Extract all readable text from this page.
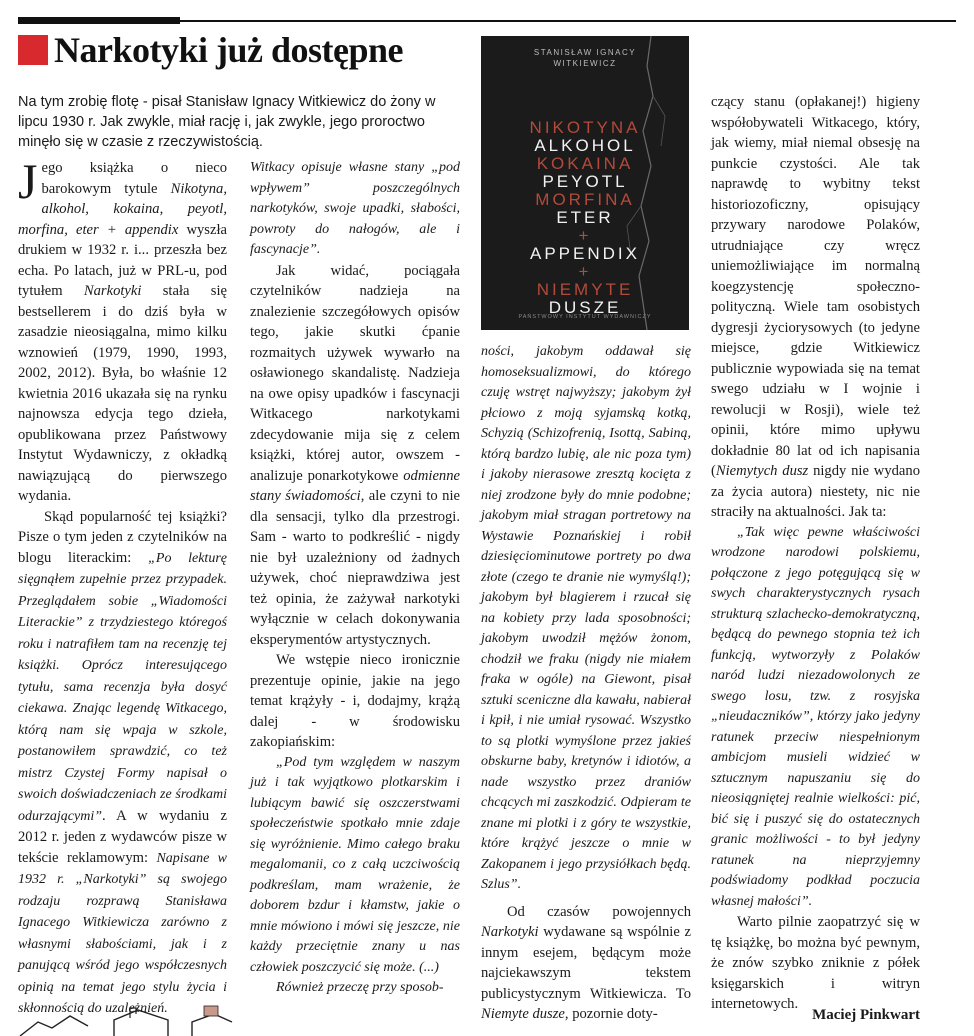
Narkotyki już dostępne

Na tym zrobię flotę - pisał Stanisław Ignacy Witkiewicz do żony w lipcu 1930 r. Jak zwykle, miał rację i, jak zwykle, jego proroctwo minęło się w czasie z rzeczywistością.

Jego książka o nieco barokowym tytule Nikotyna, alkohol, kokaina, peyotl, morfina, eter + appendix wyszła drukiem w 1932 r. i... przeszła bez echa. Po latach, już w PRL-u, pod tytułem Narkotyki stała się bestsellerem i do dziś była w zasadzie nieosiągalna, mimo kilku wznowień (1979, 1990, 1993, 2002, 2012). Była, bo właśnie 12 kwietnia 2016 ukazała się na rynku najnowsza edycja tego dzieła, opublikowana przez Państwowy Instytut Wydawniczy, z okładką nawiązującą do pierwszego wydania.

Skąd popularność tej książki? Pisze o tym jeden z czytelników na blogu literackim: „Po lekturę sięgnąłem zupełnie przez przypadek. Przeglądałem sobie „Wiadomości Literackie” z trzydziestego któregoś roku i natrafiłem tam na recenzję tej książki. Oprócz interesującego tytułu, sama recenzja była dosyć ciekawa. Znając legendę Witkacego, którą nam się wpaja w szkole, postanowiłem sprawdzić, co też mistrz Czystej Formy napisał o swoich doświadczeniach ze środkami odurzającymi”. A w wydaniu z 2012 r. jeden z wydawców pisze w tekście reklamowym: Napisane w 1932 r. „Narkotyki” są swojego rodzaju rozprawą Stanisława Ignacego Witkiewicza zarówno z własnymi słabościami, jak i z panującą wśród jego współczesnych opinią na temat jego stylu życia i skłonnością do uzależnień.

Witkacy opisuje własne stany „pod wpływem” poszczególnych narkotyków, swoje upadki, słabości, powroty do nałogów, ale i fascynacje”.

Jak widać, pociągała czytelników nadzieja na znalezienie szczegółowych opisów tego, jakie skutki ćpanie rozmaitych używek wywarło na osławionego skandalistę. Nadzieja na owe opisy upadków i fascynacji Witkacego narkotykami zdecydowanie mija się z celem książki, której autor, owszem - analizuje ponarkotykowe odmienne stany świadomości, ale czyni to nie dla sensacji, tylko dla przestrogi. Sam - warto to podkreślić - nigdy nie był uzależniony od żadnych używek, choć nieprawdziwa jest też opinia, że zażywał narkotyki wyłącznie w celach dokonywania eksperymentów artystycznych.

We wstępie nieco ironicznie prezentuje opinie, jakie na jego temat krążyły - i, dodajmy, krążą dalej - w środowisku zakopiańskim:

„Pod tym względem w naszym już i tak wyjątkowo plotkarskim i lubiącym bawić się oszczerstwami społeczeństwie spotkało mnie zdaje się wyróżnienie. Mimo całego braku megalomanii, co z całą uczciwością podkreślam, mam wrażenie, że doborem bzdur i kłamstw, jakie o mnie mówiono i mówi się jeszcze, nie każdy przeciętnie znany u nas człowiek poszczycić się może. (...)

Również przeczę przy sposob-

STANISŁAW IGNACY
WITKIEWICZ
NIKOTYNA
ALKOHOL
KOKAINA
PEYOTL
MORFINA
ETER
+
APPENDIX
+
NIEMYTE
DUSZE
PAŃSTWOWY INSTYTUT WYDAWNICZY

ności, jakobym oddawał się homoseksualizmowi, do którego czuję wstręt najwyższy; jakobym żył płciowo z moją syjamską kotką, Schyzią (Schizofrenią, Isottą, Sabiną, którą bardzo lubię, ale nic poza tym) i jakoby nierasowe zresztą kocięta z niej zrodzone były do mnie podobne; jakobym miał stragan portretowy na Wystawie Poznańskiej i robił dziesięciominutowe portrety po dwa złote (czego te dranie nie wymyślą!); jakobym był blagierem i rzucał się na kobiety przy lada sposobności; jakobym uwodził mężów żonom, chodził we fraku (nigdy nie miałem fraka w ogóle) na Giewont, pisał sztuki sceniczne dla kawału, nabierał i kpił, i nie umiał rysować. Wszystko to są plotki wymyślone przez jakieś obskurne baby, kretynów i idiotów, a nade wszystko przez draniów chcących mi zaszkodzić. Odpieram te znane mi plotki i z góry te wszystkie, które krążyć jeszcze o mnie w Zakopanem i jego przysiółkach będą. Szlus”.

Od czasów powojennych Narkotyki wydawane są wspólnie z innym esejem, będącym może najciekawszym tekstem publicystycznym Witkiewicza. To Niemyte dusze, pozornie doty-

czący stanu (opłakanej!) higieny współobywateli Witkacego, który, jak wiemy, miał niemal obsesję na punkcie czystości. Ale tak naprawdę to wybitny tekst historiozoficzny, opisujący przywary narodowe Polaków, utrudniające czy wręcz uniemożliwiające im normalną koegzystencję społeczno-polityczną. Wiele tam osobistych dygresji życiorysowych (to jedyne miejsce, gdzie Witkiewicz publicznie wypowiada się na temat swego udziału w I wojnie i rewolucji w Rosji), wiele też opinii, które mimo upływu dokładnie 80 lat od ich napisania (Niemytych dusz nigdy nie wydano za życia autora) niestety, nic nie straciły na aktualności. Jak ta:

„Tak więc pewne właściwości wrodzone narodowi polskiemu, połączone z jego potęgującą się w swych charakterystycznych rysach strukturą szlachecko-demokratyczną, będącą do pewnego stopnia też ich funkcją, wytworzyły z Polaków naród ludzi niezadowolonych ze swego losu, tzw. z rosyjska „nieudaczników”, którzy jako jedyny ratunek przeciw niespełnionym ambicjom musieli widzieć w sztucznym napuszaniu się do nieosiągniętej realnie wielkości: pić, bić się i puszyć się do ostatecznych granic możliwości - to był jedyny ratunek na nieprzyjemny podświadomy podkład poczucia własnej małości”.

Warto pilnie zaopatrzyć się w tę książkę, bo można być pewnym, że znów szybko zniknie z półek księgarskich i witryn internetowych.

Maciej Pinkwart
